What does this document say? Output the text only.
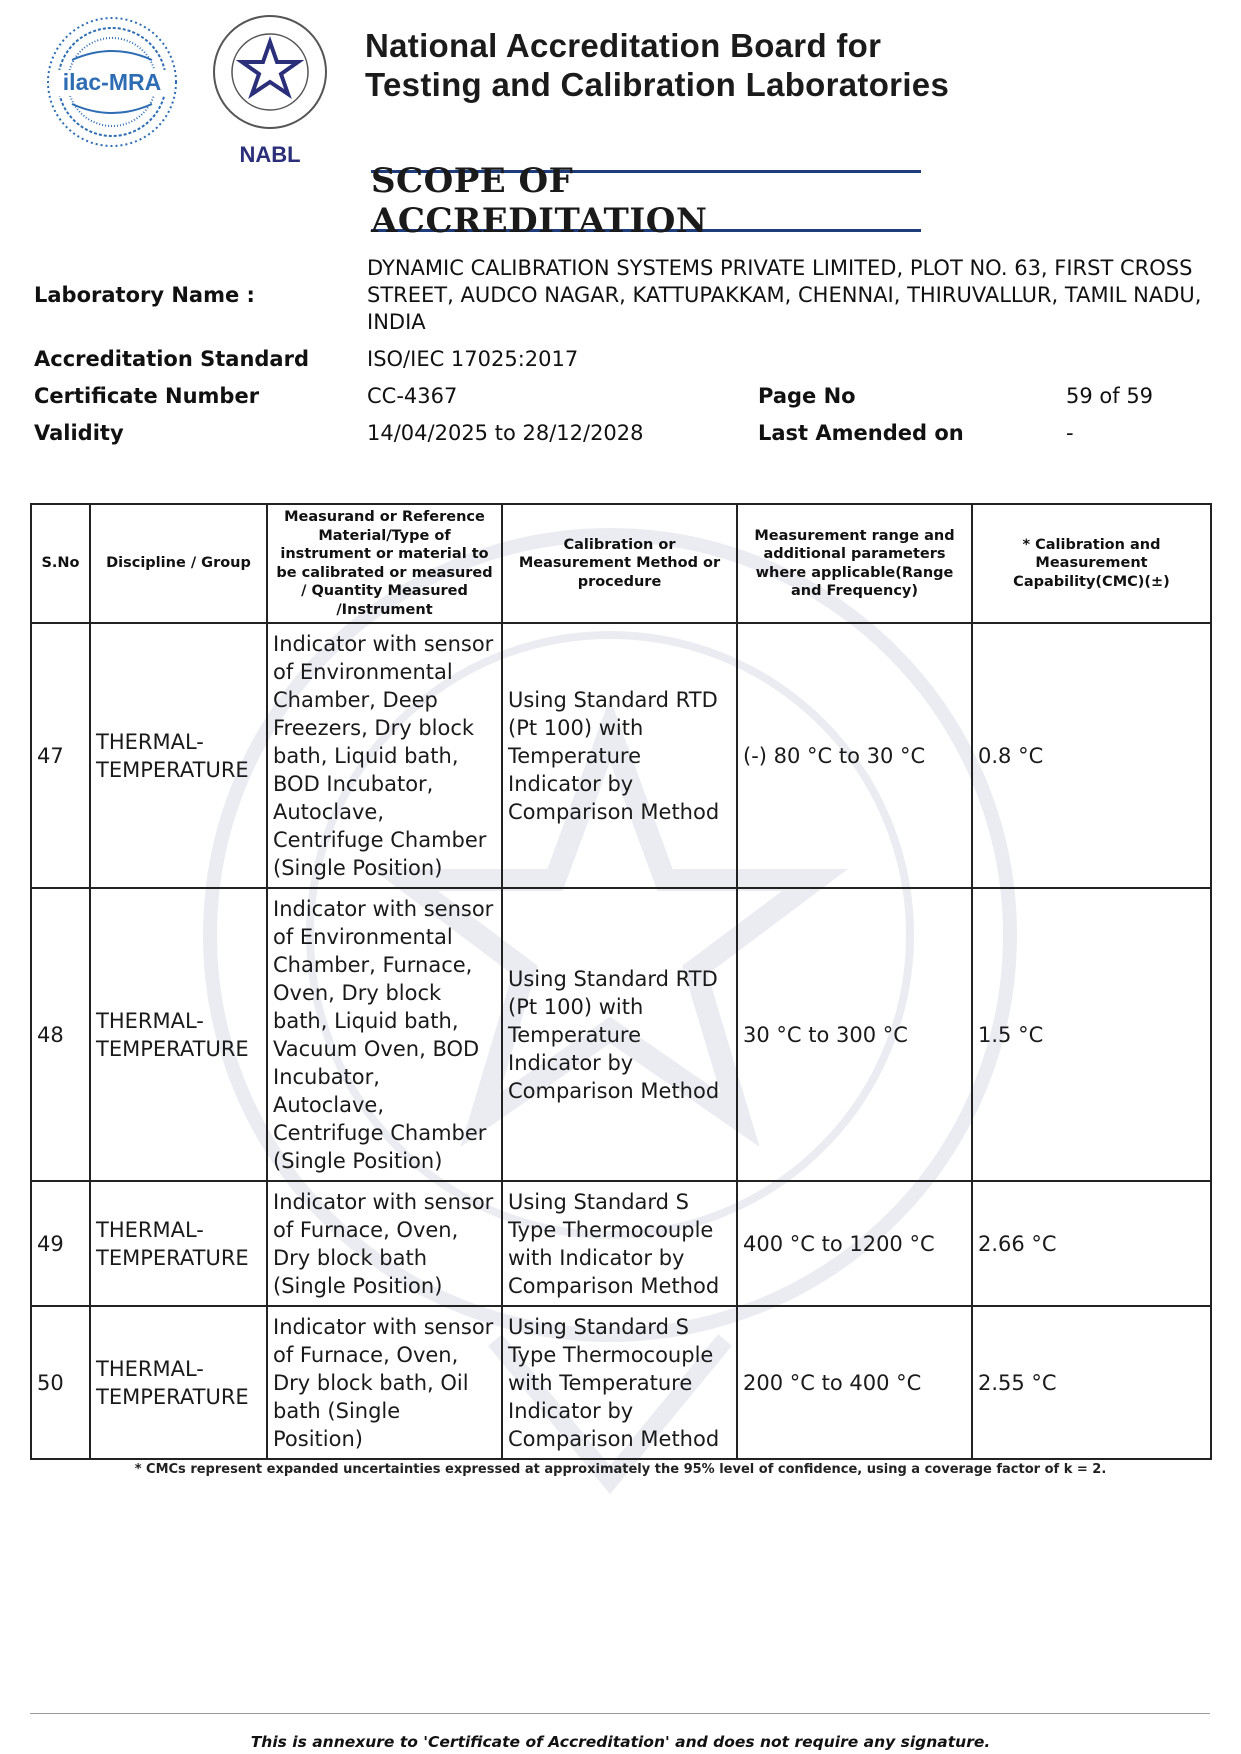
ilac-MRA
NABL
National Accreditation Board for
Testing and Calibration Laboratories
SCOPE OF ACCREDITATION
Laboratory Name :
DYNAMIC CALIBRATION SYSTEMS PRIVATE LIMITED, PLOT NO. 63, FIRST CROSS STREET, AUDCO NAGAR, KATTUPAKKAM, CHENNAI, THIRUVALLUR, TAMIL NADU, INDIA
Accreditation Standard	ISO/IEC 17025:2017
Certificate Number	CC-4367	Page No	59 of 59
Validity	14/04/2025 to 28/12/2028	Last Amended on	-
S.No	Discipline / Group	Measurand or Reference Material/Type of instrument or material to be calibrated or measured / Quantity Measured /Instrument	Calibration or Measurement Method or procedure	Measurement range and additional parameters where applicable(Range and Frequency)	* Calibration and Measurement Capability(CMC)(±)
47	THERMAL-TEMPERATURE	Indicator with sensor of Environmental Chamber, Deep Freezers, Dry block bath, Liquid bath, BOD Incubator, Autoclave, Centrifuge Chamber (Single Position)	Using Standard RTD (Pt 100) with Temperature Indicator by Comparison Method	(-) 80 °C to 30 °C	0.8 °C
48	THERMAL-TEMPERATURE	Indicator with sensor of Environmental Chamber, Furnace, Oven, Dry block bath, Liquid bath, Vacuum Oven, BOD Incubator, Autoclave, Centrifuge Chamber (Single Position)	Using Standard RTD (Pt 100) with Temperature Indicator by Comparison Method	30 °C to 300 °C	1.5 °C
49	THERMAL-TEMPERATURE	Indicator with sensor of Furnace, Oven, Dry block bath (Single Position)	Using Standard S Type Thermocouple with Indicator by Comparison Method	400 °C to 1200 °C	2.66 °C
50	THERMAL-TEMPERATURE	Indicator with sensor of Furnace, Oven, Dry block bath, Oil bath (Single Position)	Using Standard S Type Thermocouple with Temperature Indicator by Comparison Method	200 °C to 400 °C	2.55 °C
* CMCs represent expanded uncertainties expressed at approximately the 95% level of confidence, using a coverage factor of k = 2.
This is annexure to 'Certificate of Accreditation' and does not require any signature.
